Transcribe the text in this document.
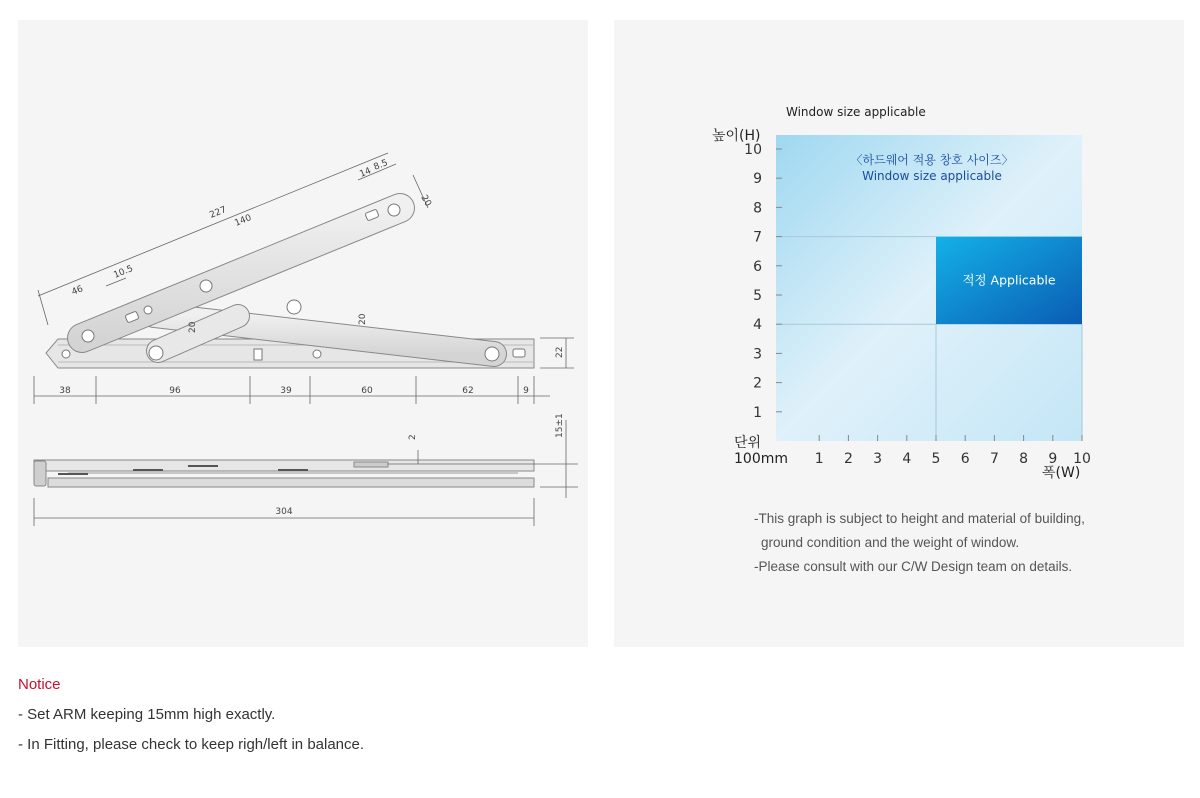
227
140
14
8.5
20
10.5
46
20
20
22
38	96	39	60	62	9
2	15±1
304
Window size applicable
〈하드웨어 적용 창호 사이즈〉
Window size applicable
높이(H)
폭(W)
단위
100mm
적정 Applicable
1
2
3
4
5
6
7
8
9
10
1 2 3 4 5 6 7 8 9 10
-This graph is subject to height and material of building,
ground condition and the weight of window.
-Please consult with our C/W Design team on details.
Notice
- Set ARM keeping 15mm high exactly.
- In Fitting, please check to keep righ/left in balance.
